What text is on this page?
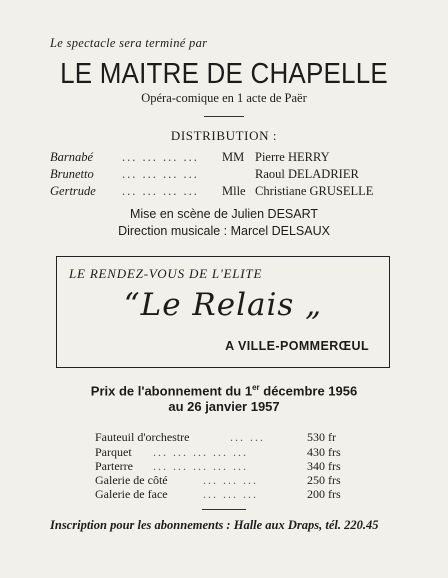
Le spectacle sera terminé par
LE MAITRE DE CHAPELLE
Opéra-comique en 1 acte de Paër
DISTRIBUTION :
Barnabé ... ... ... ... MM Pierre HERRY
Brunetto ... ... ... ...	Raoul DELADRIER
Gertrude ... ... ... ... Mlle Christiane GRUSELLE
Mise en scène de Julien DESART
Direction musicale : Marcel DELSAUX
LE RENDEZ-VOUS DE L'ELITE
“Le Relais „
A VILLE-POMMERŒUL
Prix de l'abonnement du 1er décembre 1956
au 26 janvier 1957
Fauteuil d'orchestre	... ...	530 fr
Parquet ... ... ... ... ...	430 frs
Parterre ... ... ... ... ...	340 frs
Galerie de côté	... ... ...	250 frs
Galerie de face	... ... ...	200 frs
Inscription pour les abonnements : Halle aux Draps, tél. 220.45
